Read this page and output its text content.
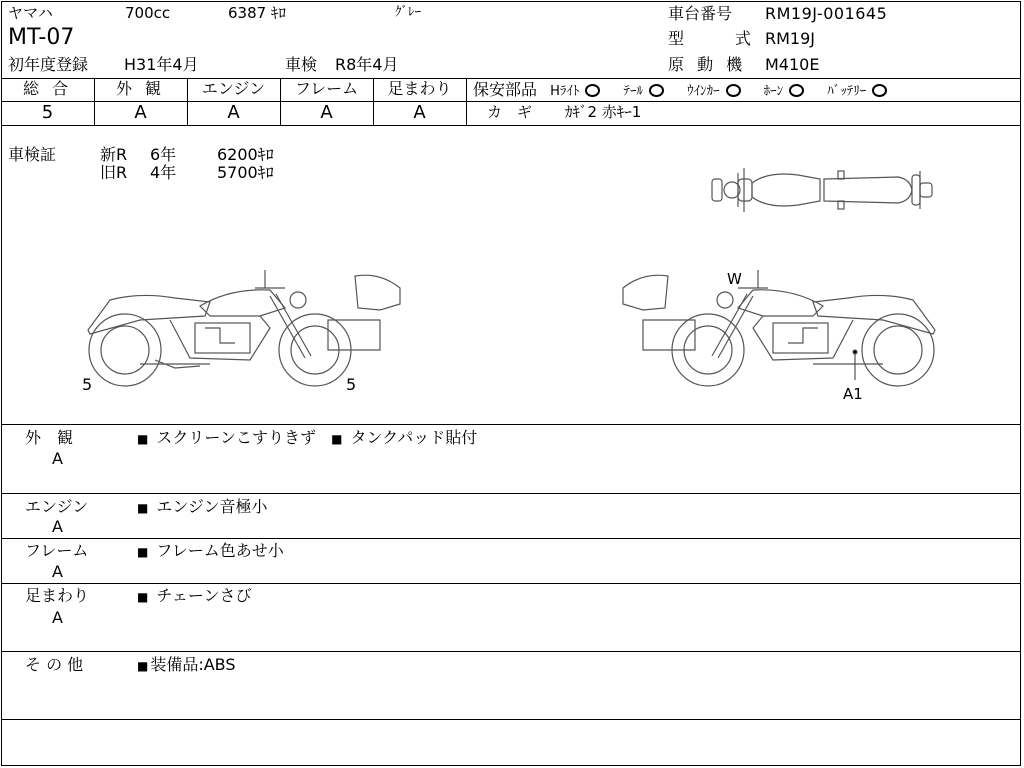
ヤマハ	700cc	6387 ｷﾛ	ｸﾞﾚｰ	車台番号 RM19J-001645
MT-07	型	式 RM19J
初年度登録 H31年4月	車検 R8年4月	原 動 機 M410E
総 合	外 観	エンジン	フレーム	足まわり
5	A	A	A	A
保安部品 Hﾗｲﾄ	ﾃｰﾙ	ｳｲﾝｶｰ	ﾎｰﾝ	ﾊﾞｯﾃﾘｰ
カ　ギ ｶｷﾞ2 赤ｷｰ1
車検証	新R 6年	6200ｷﾛ
旧R 4年	5700ｷﾛ
5	5
W
A1
外　観
A
■ スクリーンこすりきず ■ タンクパッド貼付
エンジン
A
■ エンジン音極小
フレーム
A
■ フレーム色あせ小
足まわり
A
■ チェーンさび
そ の 他	■ 装備品:ABS
